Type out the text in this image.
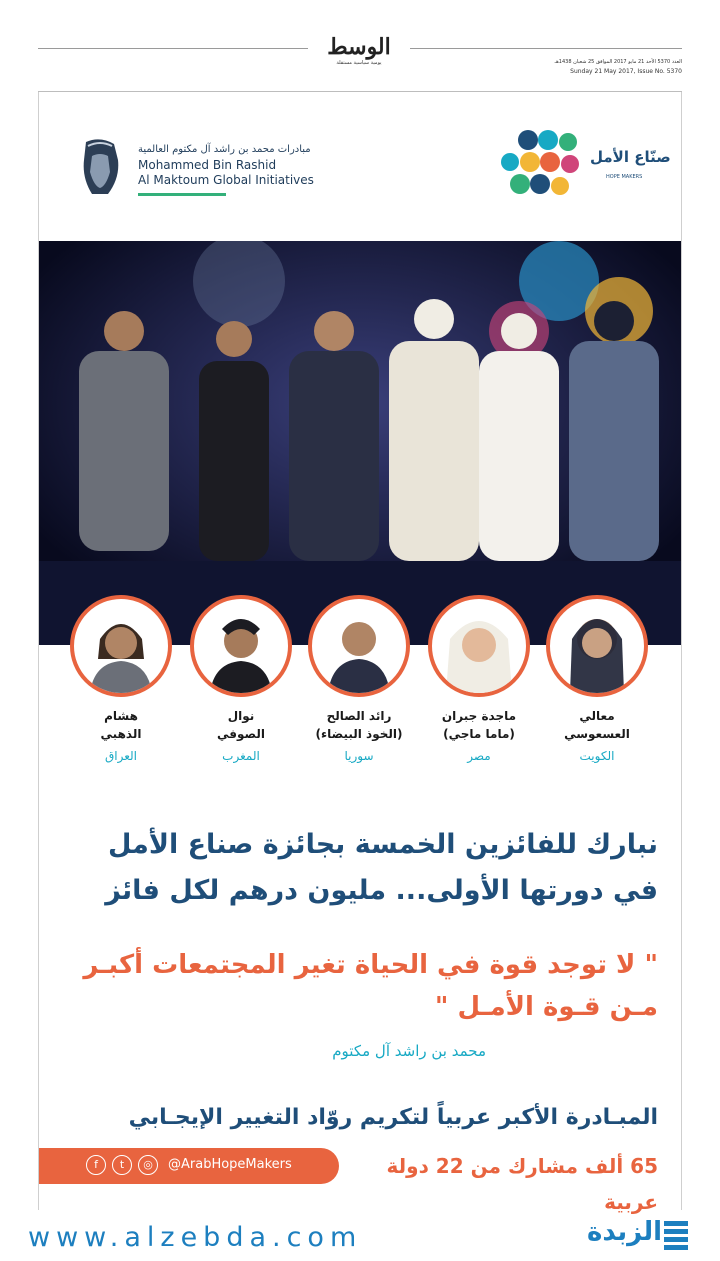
الوسط
يومية سياسية مستقلة	العدد 5370 الأحد 21 مايو 2017 الموافق 25 شعبان 1438هـ
Sunday 21 May 2017, Issue No. 5370
مبادرات محمد بن راشد آل مكتوم العالمية
Mohammed Bin Rashid
Al Maktoum Global Initiatives
صنّاع الأمل
HOPE MAKERS
معالي
العسعوسي
الكويت
ماجدة جبران
(ماما ماجي)
مصر
رائد الصالح
(الخوذ البيضاء)
سوريا
نوال
الصوفي
المغرب
هشام
الذهبي
العراق
نبارك للفائزين الخمسة بجائزة صناع الأمل في دورتها الأولى... مليون درهم لكل فائز
" لا توجد قوة في الحياة تغير المجتمعات أكبـر مـن قـوة الأمـل "
محمد بن راشد آل مكتوم
المبـادرة الأكبر عربياً لتكريم روّاد التغيير الإيجـابي
f	t	◎	@ArabHopeMakers	65 ألف مشارك من 22 دولة عربية
www.alzebda.com	الزبدة
